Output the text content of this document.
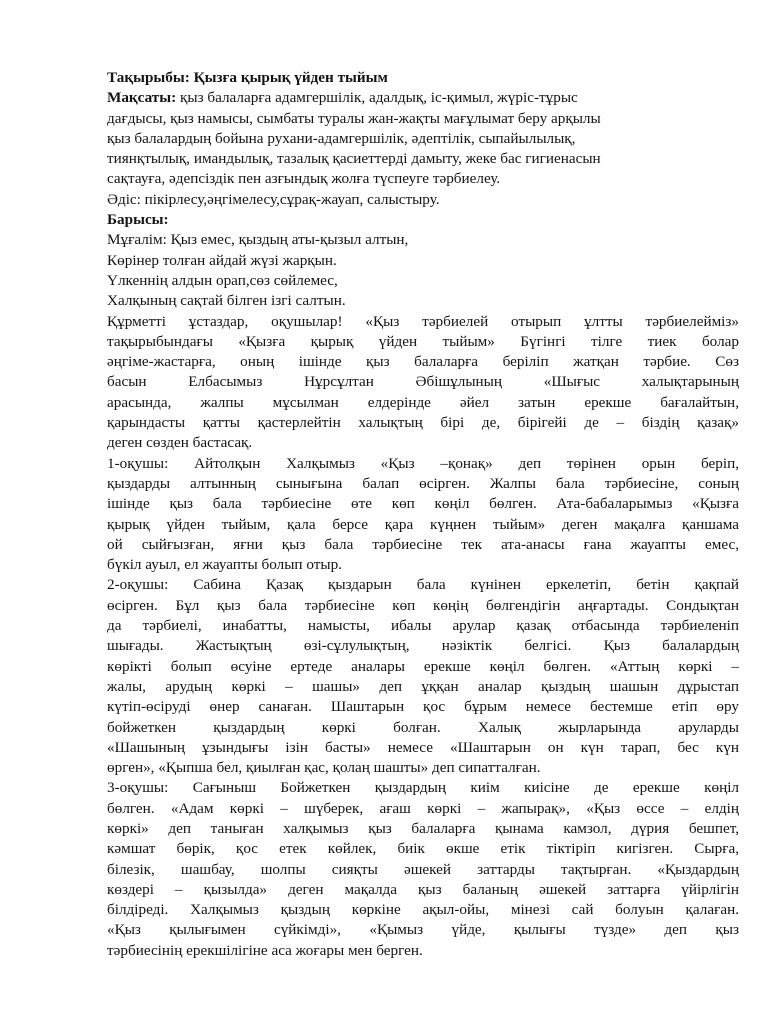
Тақырыбы: Қызға қырық үйден тыйым
Мақсаты: қыз балаларға адамгершілік, адалдық, іс-қимыл, жүріс-тұрыс
дағдысы, қыз намысы, сымбаты туралы жан-жақты мағұлымат беру арқылы
қыз балалардың бойына рухани-адамгершілік, әдептілік, сыпайылылық,
тиянқтылық, имандылық, тазалық қасиеттерді дамыту, жеке бас гигиенасын
сақтауға, әдепсіздік пен азғындық жолға түспеуге тәрбиелеу.
Әдіс: пікірлесу,әңгімелесу,сұрақ-жауап, салыстыру.
Барысы:
Мұғалім: Қыз емес, қыздың аты-қызыл алтын,
Көрінер толған айдай жүзі жарқын.
Үлкеннің алдын орап,сөз сөйлемес,
Халқының сақтай білген ізгі салтын.
Құрметті ұстаздар, оқушылар! «Қыз тәрбиелей отырып ұлтты тәрбиелейміз»
тақырыбындағы «Қызға қырық үйден тыйым» Бүгінгі тілге тиек болар
әңгіме-жастарға, оның ішінде қыз балаларға беріліп жатқан тәрбие. Сөз
басын Елбасымыз Нұрсұлтан Әбішұлының «Шығыс халықтарының
арасында, жалпы мұсылман елдерінде әйел затын ерекше бағалайтын,
қарындасты қатты қастерлейтін халықтың бірі де, бірігейі де – біздің қазақ»
деген сөзден бастасақ.
1-оқушы: Айтолқын Халқымыз «Қыз –қонақ» деп төрінен орын беріп,
қыздарды алтынның сынығына балап өсірген. Жалпы бала тәрбиесіне, соның
ішінде қыз бала тәрбиесіне өте көп көңіл бөлген. Ата-бабаларымыз «Қызға
қырық үйден тыйым, қала берсе қара күңнен тыйым» деген мақалға қаншама
ой сыйғызған, яғни қыз бала тәрбиесіне тек ата-анасы ғана жауапты емес,
бүкіл ауыл, ел жауапты болып отыр.
2-оқушы: Сабина Қазақ қыздарын бала күнінен еркелетіп, бетін қақпай
өсірген. Бұл қыз бала тәрбиесіне көп көңің бөлгендігін аңғартады. Сондықтан
да тәрбиелі, инабатты, намысты, ибалы арулар қазақ отбасында тәрбиеленіп
шығады. Жастықтың өзі-сұлулықтың, нәзіктік белгісі. Қыз балалардың
көрікті болып өсуіне ертеде аналары ерекше көңіл бөлген. «Аттың көркі –
жалы, арудың көркі – шашы» деп ұққан аналар қыздың шашын дұрыстап
күтіп-өсіруді өнер санаған. Шаштарын қос бұрым немесе бестемше етіп өру
бойжеткен қыздардың көркі болған. Халық жырларында аруларды
«Шашының ұзындығы ізін басты» немесе «Шаштарын он күн тарап, бес күн
өрген», «Қыпша бел, қиылған қас, қолаң шашты» деп сипатталған.
3-оқушы: Сағыныш Бойжеткен қыздардың киім киісіне де ерекше көңіл
бөлген. «Адам көркі – шүберек, ағаш көркі – жапырақ», «Қыз өссе – елдің
көркі» деп таныған халқымыз қыз балаларға қынама камзол, дүрия бешпет,
кәмшат бөрік, қос етек көйлек, биік өкше етік тіктіріп кигізген. Сырға,
білезік, шашбау, шолпы сияқты әшекей заттарды тақтырған. «Қыздардың
көздері – қызылда» деген мақалда қыз баланың әшекей заттарға үйірлігін
білдіреді. Халқымыз қыздың көркіне ақыл-ойы, мінезі сай болуын қалаған.
«Қыз қылығымен сүйкімді», «Қымыз үйде, қылығы түзде» деп қыз
тәрбиесінің ерекшілігіне аса жоғары мен берген.
